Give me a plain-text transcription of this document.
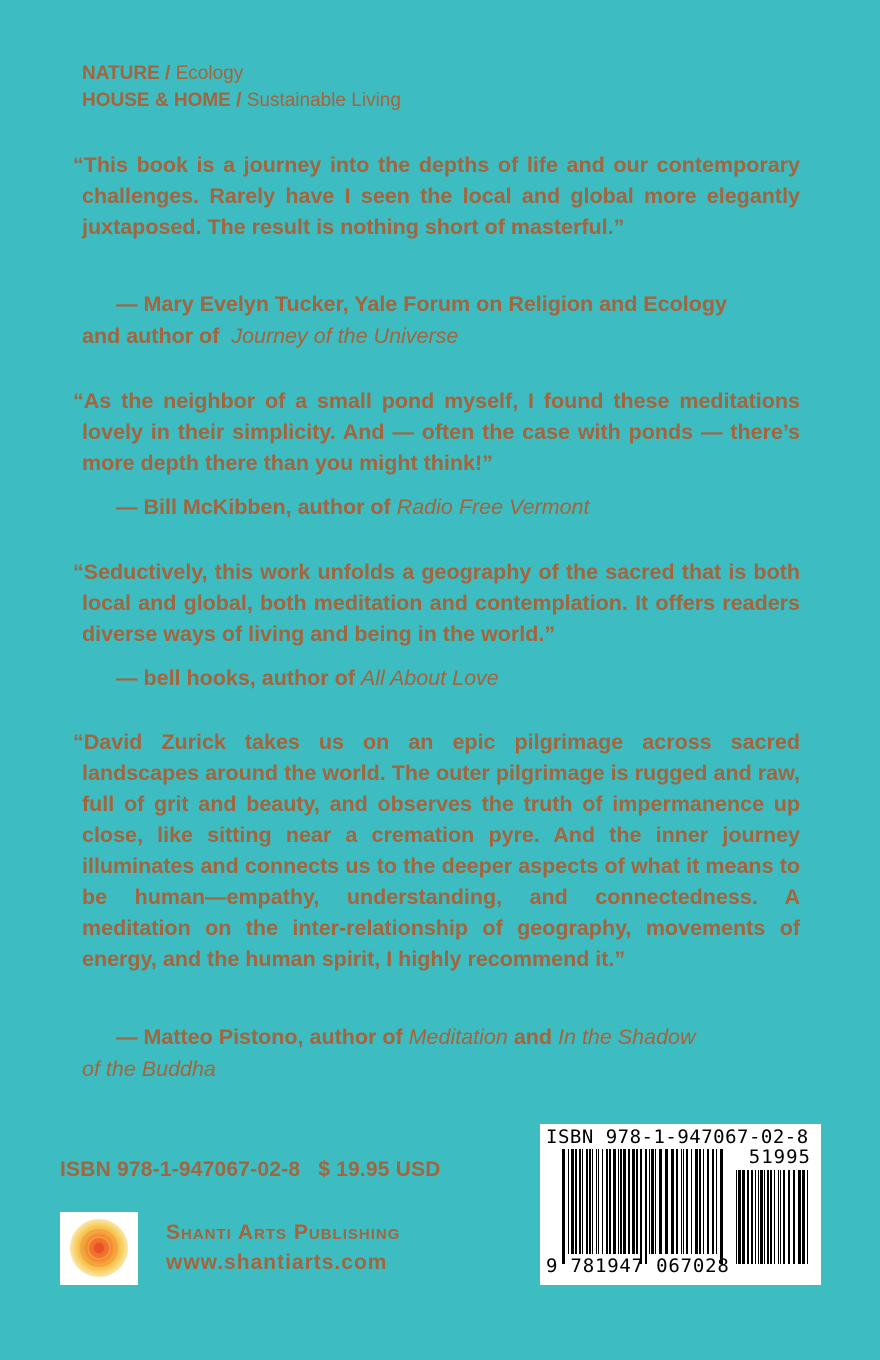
NATURE / Ecology
HOUSE & HOME / Sustainable Living

“This book is a journey into the depths of life and our contemporary challenges. Rarely have I seen the local and global more elegantly juxtaposed. The result is nothing short of masterful.”

— Mary Evelyn Tucker, Yale Forum on Religion and Ecology
and author of Journey of the Universe

“As the neighbor of a small pond myself, I found these meditations lovely in their simplicity. And — often the case with ponds — there’s more depth there than you might think!”

— Bill McKibben, author of Radio Free Vermont

“Seductively, this work unfolds a geography of the sacred that is both local and global, both meditation and contemplation. It offers readers diverse ways of living and being in the world.”

— bell hooks, author of All About Love

“David Zurick takes us on an epic pilgrimage across sacred landscapes around the world. The outer pilgrimage is rugged and raw, full of grit and beauty, and observes the truth of impermanence up close, like sitting near a cremation pyre. And the inner journey illuminates and connects us to the deeper aspects of what it means to be human—empathy, understanding, and connectedness. A meditation on the inter-relationship of geography, movements of energy, and the human spirit, I highly recommend it.”

— Matteo Pistono, author of Meditation and In the Shadow
of the Buddha
ISBN 978-1-947067-02-8 $ 19.95 USD
Shanti Arts Publishing
www.shantiarts.com
ISBN 978-1-947067-02-8
51995
9 781947 067028
